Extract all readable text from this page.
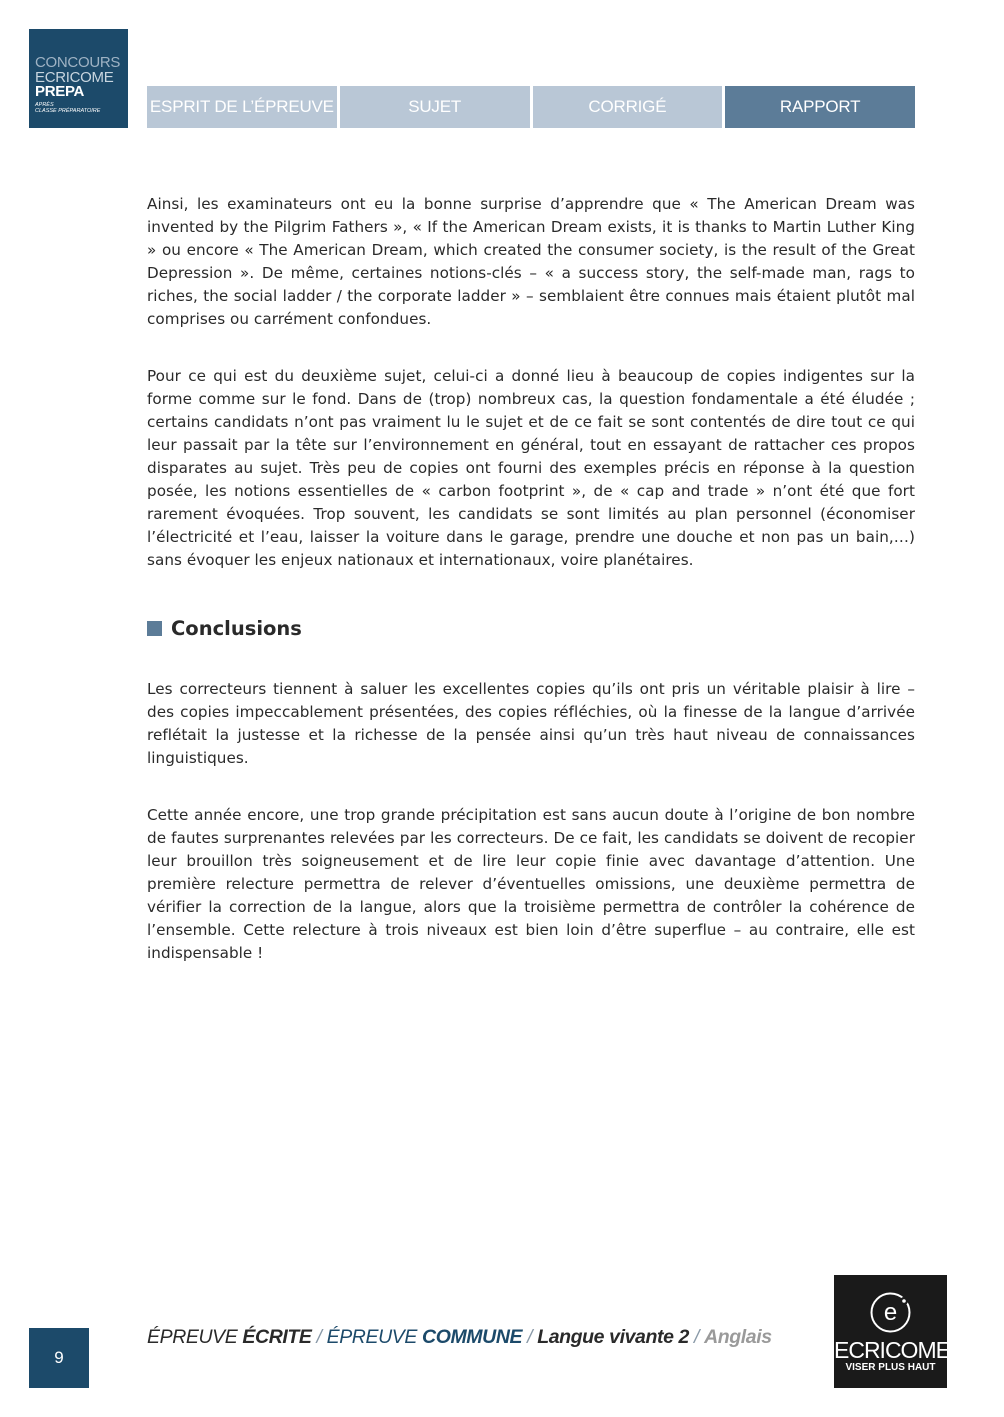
CONCOURS
ECRICOME
PREPA
APRÈS
CLASSE PRÉPARATOIRE	ESPRIT DE L’ÉPREUVE	SUJET	CORRIGÉ	RAPPORT

Ainsi, les examinateurs ont eu la bonne surprise d’apprendre que « The American Dream was invented by the Pilgrim Fathers », « If the American Dream exists, it is thanks to Martin Luther King » ou encore « The American Dream, which created the consumer society, is the result of the Great Depression ». De même, certaines notions-clés – « a success story, the self-made man, rags to riches, the social ladder / the corporate ladder » – semblaient être connues mais étaient plutôt mal comprises ou carrément confondues.

Pour ce qui est du deuxième sujet, celui-ci a donné lieu à beaucoup de copies indigentes sur la forme comme sur le fond. Dans de (trop) nombreux cas, la question fondamentale a été éludée ; certains candidats n’ont pas vraiment lu le sujet et de ce fait se sont contentés de dire tout ce qui leur passait par la tête sur l’environnement en général, tout en essayant de rattacher ces propos disparates au sujet. Très peu de copies ont fourni des exemples précis en réponse à la question posée, les notions essentielles de « carbon footprint », de « cap and trade » n’ont été que fort rarement évoquées. Trop souvent, les candidats se sont limités au plan personnel (économiser l’électricité et l’eau, laisser la voiture dans le garage, prendre une douche et non pas un bain,…) sans évoquer les enjeux nationaux et internationaux, voire planétaires.

Conclusions

Les correcteurs tiennent à saluer les excellentes copies qu’ils ont pris un véritable plaisir à lire – des copies impeccablement présentées, des copies réfléchies, où la finesse de la langue d’arrivée reflétait la justesse et la richesse de la pensée ainsi qu’un très haut niveau de connaissances linguistiques.

Cette année encore, une trop grande précipitation est sans aucun doute à l’origine de bon nombre de fautes surprenantes relevées par les correcteurs. De ce fait, les candidats se doivent de recopier leur brouillon très soigneusement et de lire leur copie finie avec davantage d’attention. Une première relecture permettra de relever d’éventuelles omissions, une deuxième permettra de vérifier la correction de la langue, alors que la troisième permettra de contrôler la cohérence de l’ensemble. Cette relecture à trois niveaux est bien loin d’être superflue – au contraire, elle est indispensable !

9
ÉPREUVE ÉCRITE / ÉPREUVE COMMUNE / Langue vivante 2 / Anglais
e
ECRICOME
VISER PLUS HAUT
